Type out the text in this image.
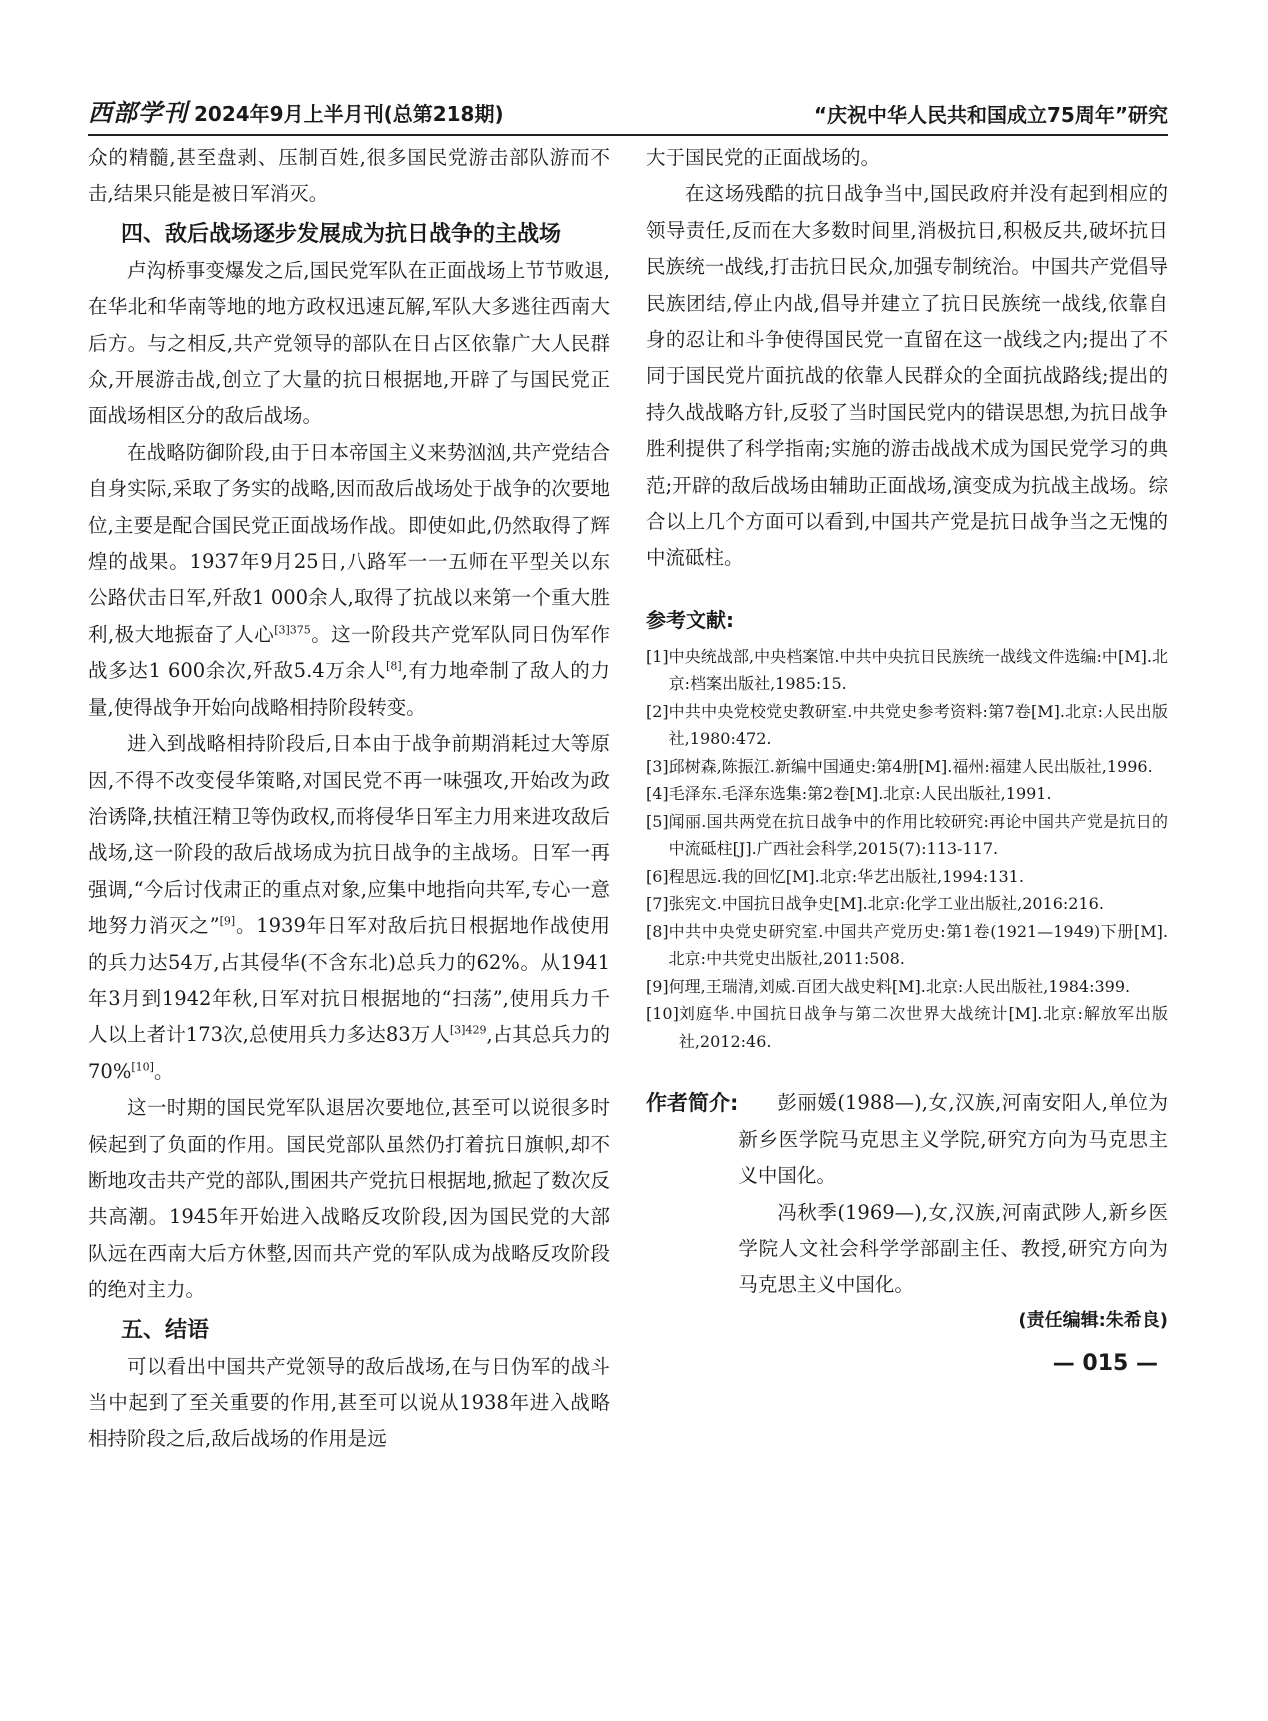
西部学刊 2024年9月上半月刊(总第218期)	“庆祝中华人民共和国成立75周年”研究

众的精髓,甚至盘剥、压制百姓,很多国民党游击部队游而不击,结果只能是被日军消灭。

四、敌后战场逐步发展成为抗日战争的主战场

卢沟桥事变爆发之后,国民党军队在正面战场上节节败退,在华北和华南等地的地方政权迅速瓦解,军队大多逃往西南大后方。与之相反,共产党领导的部队在日占区依靠广大人民群众,开展游击战,创立了大量的抗日根据地,开辟了与国民党正面战场相区分的敌后战场。

在战略防御阶段,由于日本帝国主义来势汹汹,共产党结合自身实际,采取了务实的战略,因而敌后战场处于战争的次要地位,主要是配合国民党正面战场作战。即使如此,仍然取得了辉煌的战果。1937年9月25日,八路军一一五师在平型关以东公路伏击日军,歼敌1 000余人,取得了抗战以来第一个重大胜利,极大地振奋了人心$^{[3]375}$。这一阶段共产党军队同日伪军作战多达1 600余次,歼敌5.4万余人[8],有力地牵制了敌人的力量,使得战争开始向战略相持阶段转变。

进入到战略相持阶段后,日本由于战争前期消耗过大等原因,不得不改变侵华策略,对国民党不再一味强攻,开始改为政治诱降,扶植汪精卫等伪政权,而将侵华日军主力用来进攻敌后战场,这一阶段的敌后战场成为抗日战争的主战场。日军一再强调,“今后讨伐肃正的重点对象,应集中地指向共军,专心一意地努力消灭之”[9]。1939年日军对敌后抗日根据地作战使用的兵力达54万,占其侵华(不含东北)总兵力的62%。从1941年3月到1942年秋,日军对抗日根据地的“扫荡”,使用兵力千人以上者计173次,总使用兵力多达83万人$^{[3]429}$,占其总兵力的70%[10]。

这一时期的国民党军队退居次要地位,甚至可以说很多时候起到了负面的作用。国民党部队虽然仍打着抗日旗帜,却不断地攻击共产党的部队,围困共产党抗日根据地,掀起了数次反共高潮。1945年开始进入战略反攻阶段,因为国民党的大部队远在西南大后方休整,因而共产党的军队成为战略反攻阶段的绝对主力。

五、结语

可以看出中国共产党领导的敌后战场,在与日伪军的战斗当中起到了至关重要的作用,甚至可以说从1938年进入战略相持阶段之后,敌后战场的作用是远

大于国民党的正面战场的。

在这场残酷的抗日战争当中,国民政府并没有起到相应的领导责任,反而在大多数时间里,消极抗日,积极反共,破坏抗日民族统一战线,打击抗日民众,加强专制统治。中国共产党倡导民族团结,停止内战,倡导并建立了抗日民族统一战线,依靠自身的忍让和斗争使得国民党一直留在这一战线之内;提出了不同于国民党片面抗战的依靠人民群众的全面抗战路线;提出的持久战战略方针,反驳了当时国民党内的错误思想,为抗日战争胜利提供了科学指南;实施的游击战战术成为国民党学习的典范;开辟的敌后战场由辅助正面战场,演变成为抗战主战场。综合以上几个方面可以看到,中国共产党是抗日战争当之无愧的中流砥柱。

参考文献:
[1] 中央统战部,中央档案馆.中共中央抗日民族统一战线文件选编:中[M].北京:档案出版社,1985:15.
[2] 中共中央党校党史教研室.中共党史参考资料:第7卷[M].北京:人民出版社,1980:472.
[3] 邱树森,陈振江.新编中国通史:第4册[M].福州:福建人民出版社,1996.
[4] 毛泽东.毛泽东选集:第2卷[M].北京:人民出版社,1991.
[5] 闻丽.国共两党在抗日战争中的作用比较研究:再论中国共产党是抗日的中流砥柱[J].广西社会科学,2015(7):113-117.
[6] 程思远.我的回忆[M].北京:华艺出版社,1994:131.
[7] 张宪文.中国抗日战争史[M].北京:化学工业出版社,2016:216.
[8] 中共中央党史研究室.中国共产党历史:第1卷(1921—1949)下册[M].北京:中共党史出版社,2011:508.
[9] 何理,王瑞清,刘威.百团大战史料[M].北京:人民出版社,1984:399.
[10] 刘庭华.中国抗日战争与第二次世界大战统计[M].北京:解放军出版社,2012:46.
作者简介:	彭丽媛(1988—),女,汉族,河南安阳人,单位为新乡医学院马克思主义学院,研究方向为马克思主义中国化。

冯秋季(1969—),女,汉族,河南武陟人,新乡医学院人文社会科学学部副主任、教授,研究方向为马克思主义中国化。

(责任编辑:朱希良)
— 015 —
